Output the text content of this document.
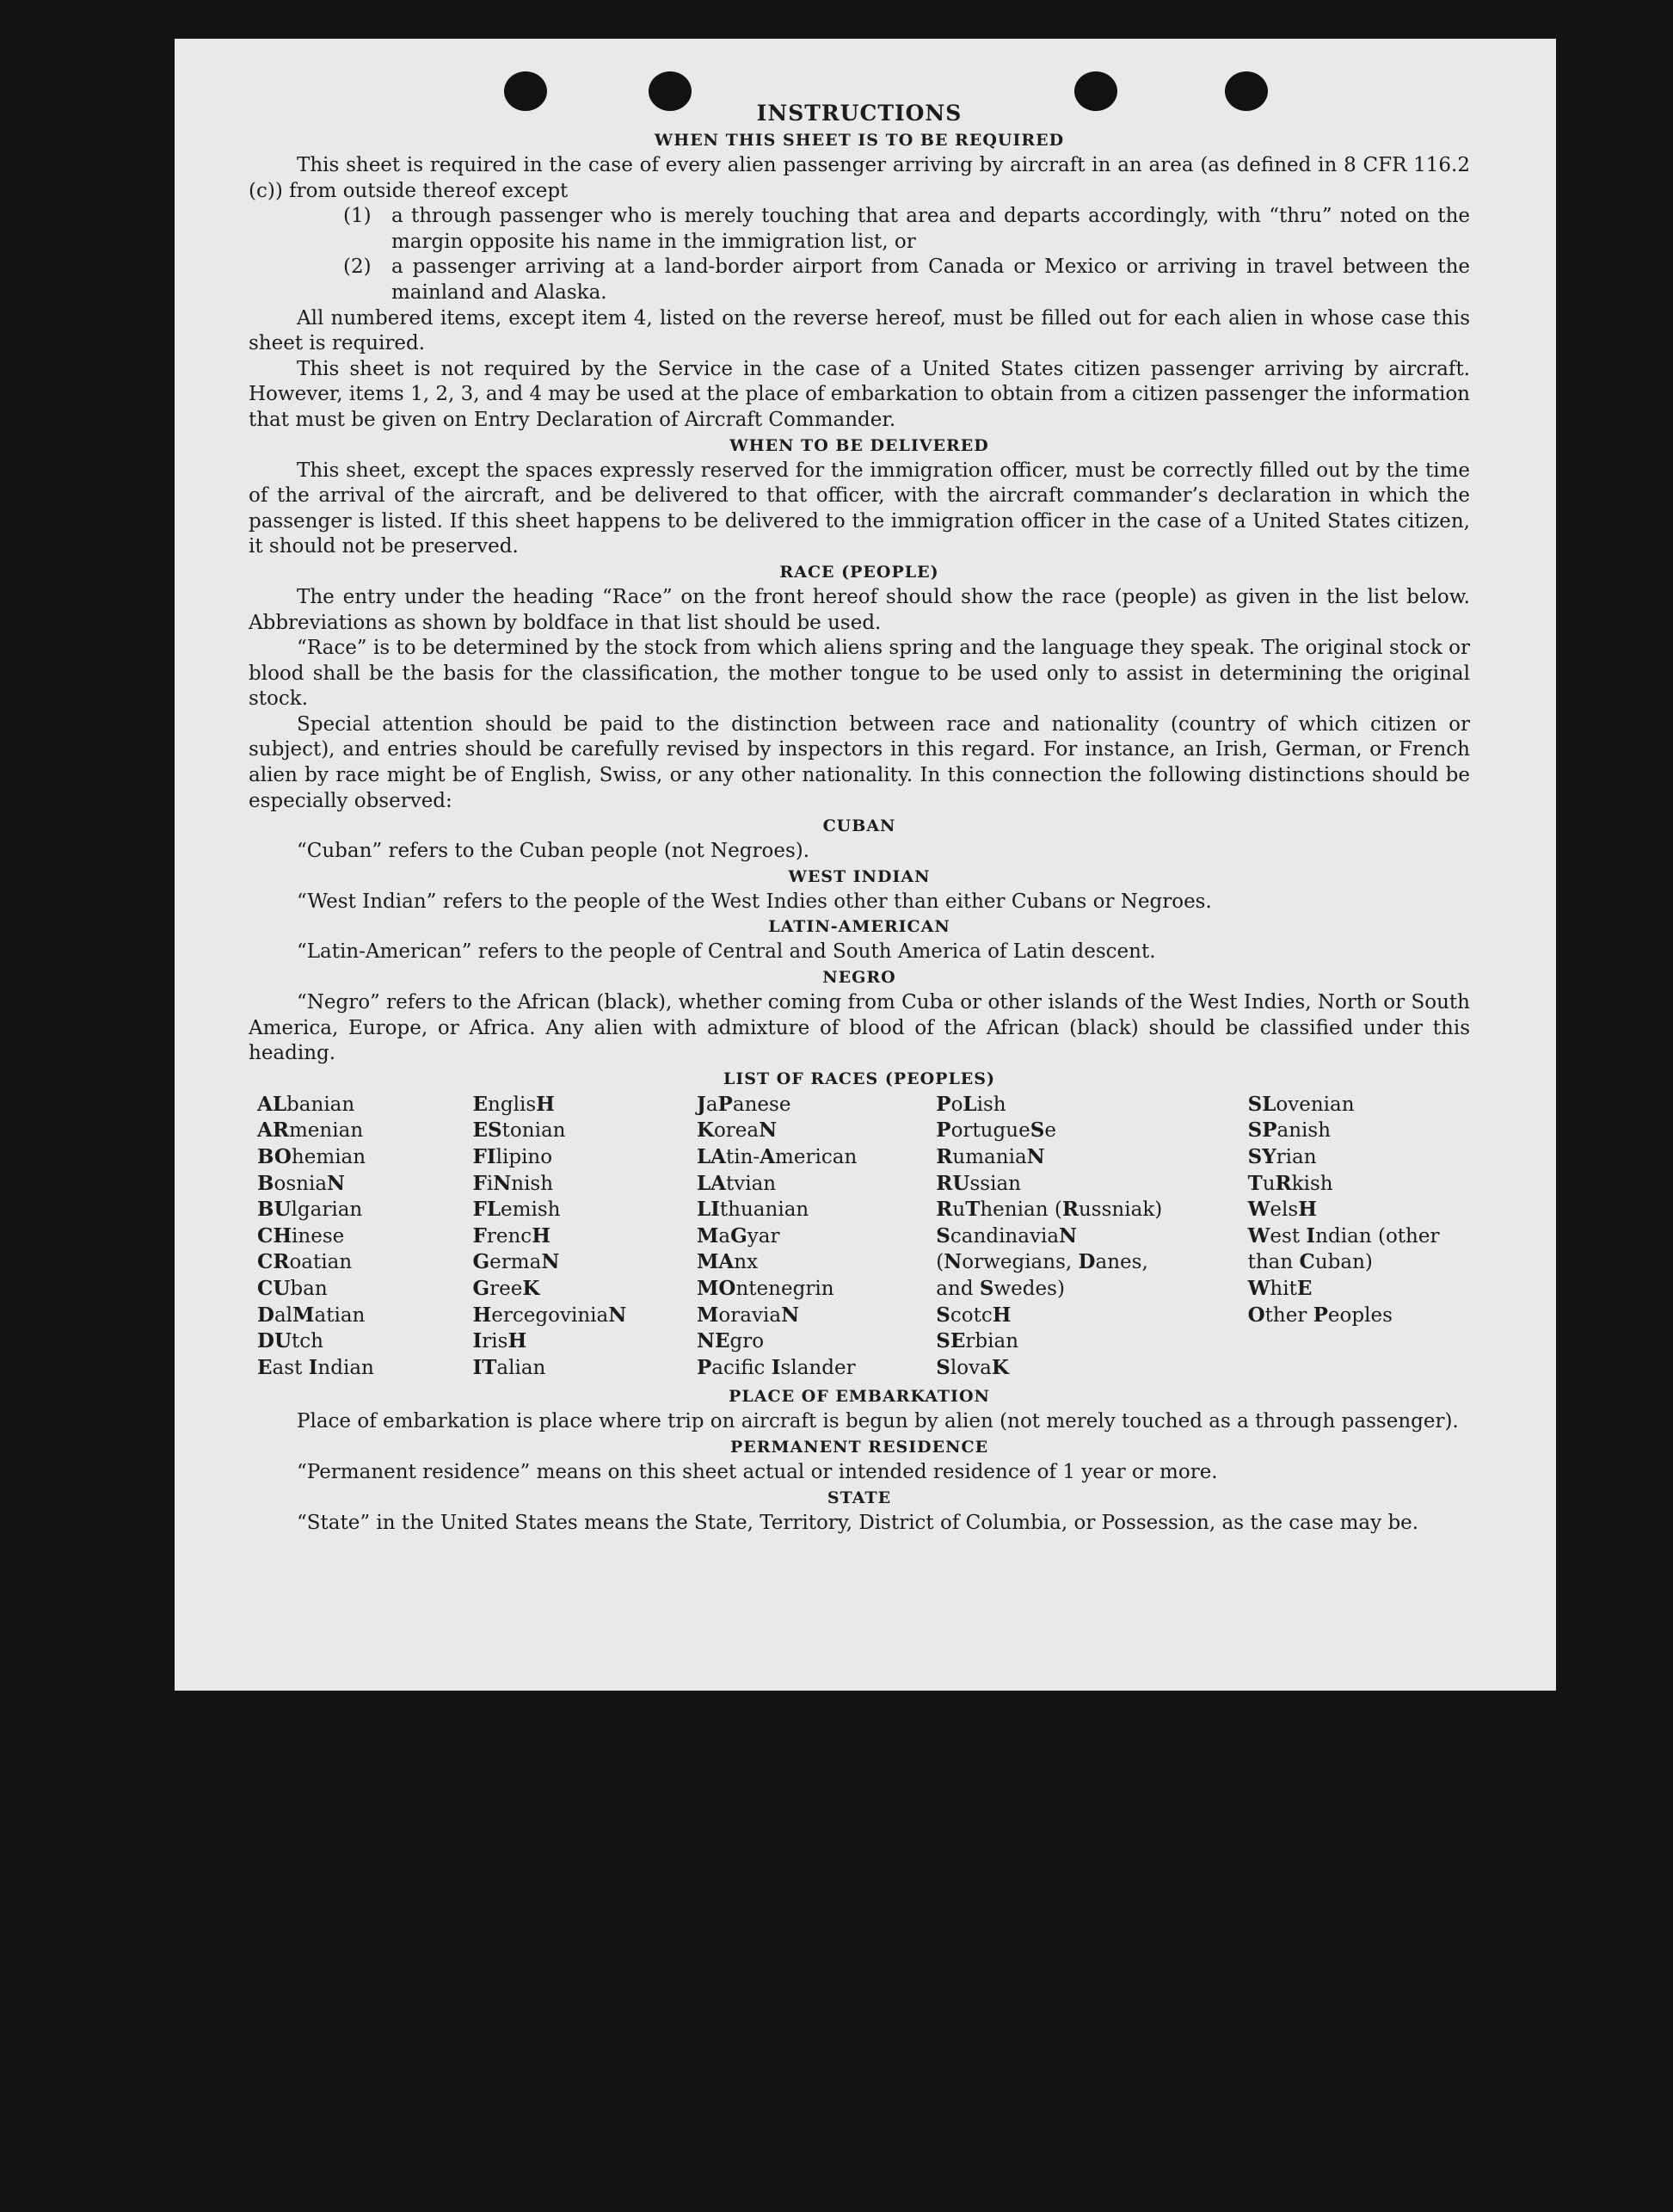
INSTRUCTIONS
WHEN THIS SHEET IS TO BE REQUIRED

This sheet is required in the case of every alien passenger arriving by aircraft in an area (as defined in 8 CFR 116.2 (c)) from outside thereof except

(1)	a through passenger who is merely touching that area and departs accordingly, with “thru” noted on the margin opposite his name in the immigration list, or
(2)	a passenger arriving at a land-border airport from Canada or Mexico or arriving in travel between the mainland and Alaska.

All numbered items, except item 4, listed on the reverse hereof, must be filled out for each alien in whose case this sheet is required.

This sheet is not required by the Service in the case of a United States citizen passenger arriving by aircraft. However, items 1, 2, 3, and 4 may be used at the place of embarkation to obtain from a citizen passenger the information that must be given on Entry Declaration of Aircraft Commander.

WHEN TO BE DELIVERED

This sheet, except the spaces expressly reserved for the immigration officer, must be correctly filled out by the time of the arrival of the aircraft, and be delivered to that officer, with the aircraft commander’s declaration in which the passenger is listed. If this sheet happens to be delivered to the immigration officer in the case of a United States citizen, it should not be preserved.

RACE (PEOPLE)

The entry under the heading “Race” on the front hereof should show the race (people) as given in the list below. Abbreviations as shown by boldface in that list should be used.

“Race” is to be determined by the stock from which aliens spring and the language they speak. The original stock or blood shall be the basis for the classification, the mother tongue to be used only to assist in determining the original stock.

Special attention should be paid to the distinction between race and nationality (country of which citizen or subject), and entries should be carefully revised by inspectors in this regard. For instance, an Irish, German, or French alien by race might be of English, Swiss, or any other nationality. In this connection the following distinctions should be especially observed:

CUBAN

“Cuban” refers to the Cuban people (not Negroes).

WEST INDIAN

“West Indian” refers to the people of the West Indies other than either Cubans or Negroes.

LATIN-AMERICAN

“Latin-American” refers to the people of Central and South America of Latin descent.

NEGRO

“Negro” refers to the African (black), whether coming from Cuba or other islands of the West Indies, North or South America, Europe, or Africa. Any alien with admixture of blood of the African (black) should be classified under this heading.

LIST OF RACES (PEOPLES)
ALbanian
ARmenian
BOhemian
BosniaN
BUlgarian
CHinese
CRoatian
CUban
DalMatian
DUtch
East Indian
EnglisH
EStonian
FIlipino
FiNnish
FLemish
FrencH
GermaN
GreeK
HercegoviniaN
IrisH
ITalian
JaPanese
KoreaN
LAtin-American
LAtvian
LIthuanian
MaGyar
MAnx
MOntenegrin
MoraviaN
NEgro
Pacifc Islander
PoLish
PortugueSe
RumaniaN
RUssian
RuThenian (Russniak)
ScandinaviaN (Norwegians, Danes, and Swedes)
ScotcH
SErbian
SlovaK
SLovenian
SPanish
SYrian
TuRkish
WelsH
West Indian (other than Cuban)
WhitE
Other Peoples
PLACE OF EMBARKATION

Place of embarkation is place where trip on aircraft is begun by alien (not merely touched as a through passenger).

PERMANENT RESIDENCE

“Permanent residence” means on this sheet actual or intended residence of 1 year or more.

STATE

“State” in the United States means the State, Territory, District of Columbia, or Possession, as the case may be.
